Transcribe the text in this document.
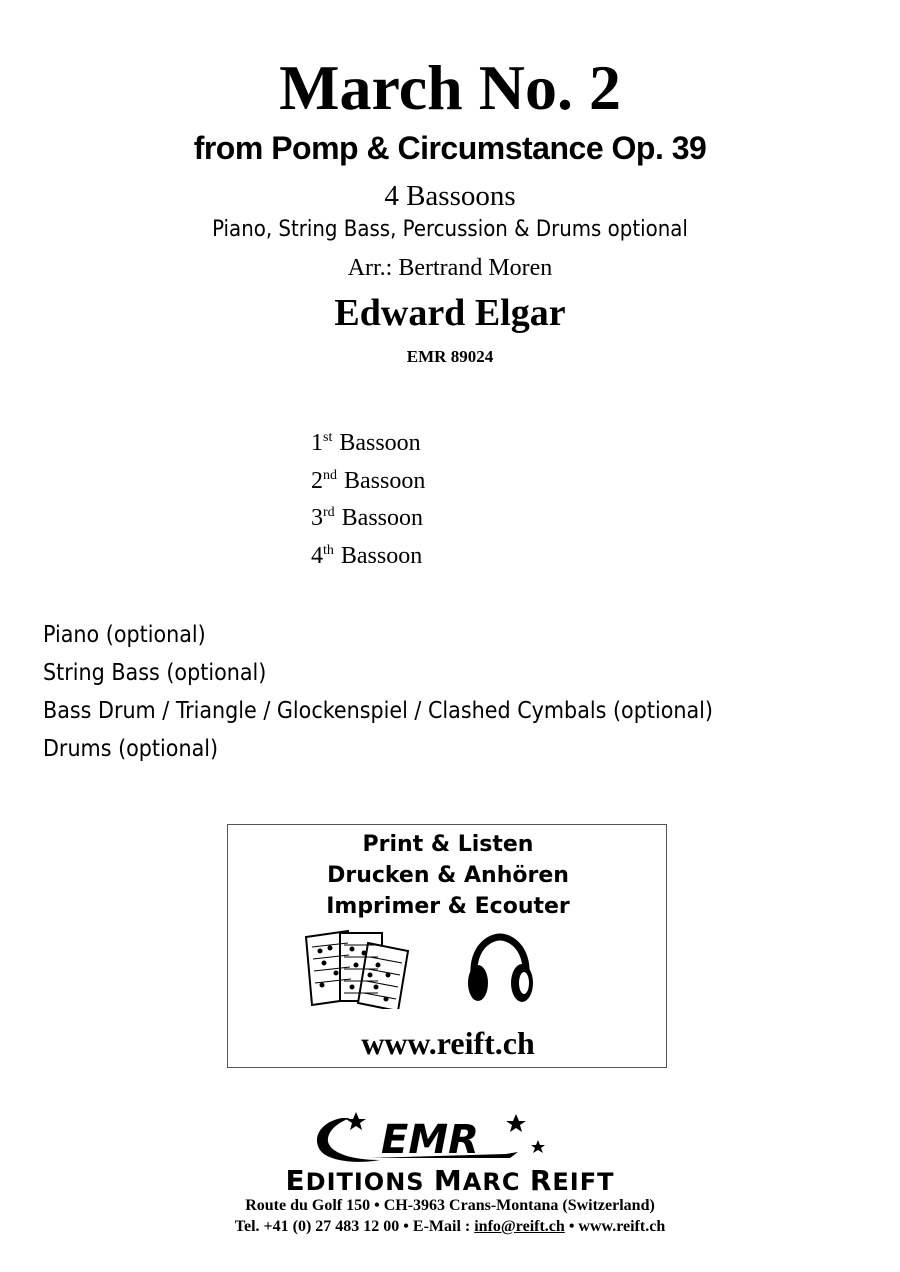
March No. 2
from Pomp & Circumstance Op. 39
4 Bassoons
Piano, String Bass, Percussion & Drums optional
Arr.: Bertrand Moren
Edward Elgar
EMR 89024
1st Bassoon
2nd Bassoon
3rd Bassoon
4th Bassoon
Piano (optional)
String Bass (optional)
Bass Drum / Triangle / Glockenspiel / Clashed Cymbals (optional)
Drums (optional)
Print & Listen
Drucken & Anhören
Imprimer & Ecouter
www.reift.ch
EMR
EDITIONS MARC REIFT
Route du Golf 150 • CH-3963 Crans-Montana (Switzerland)
Tel. +41 (0) 27 483 12 00 • E-Mail : info@reift.ch • www.reift.ch
